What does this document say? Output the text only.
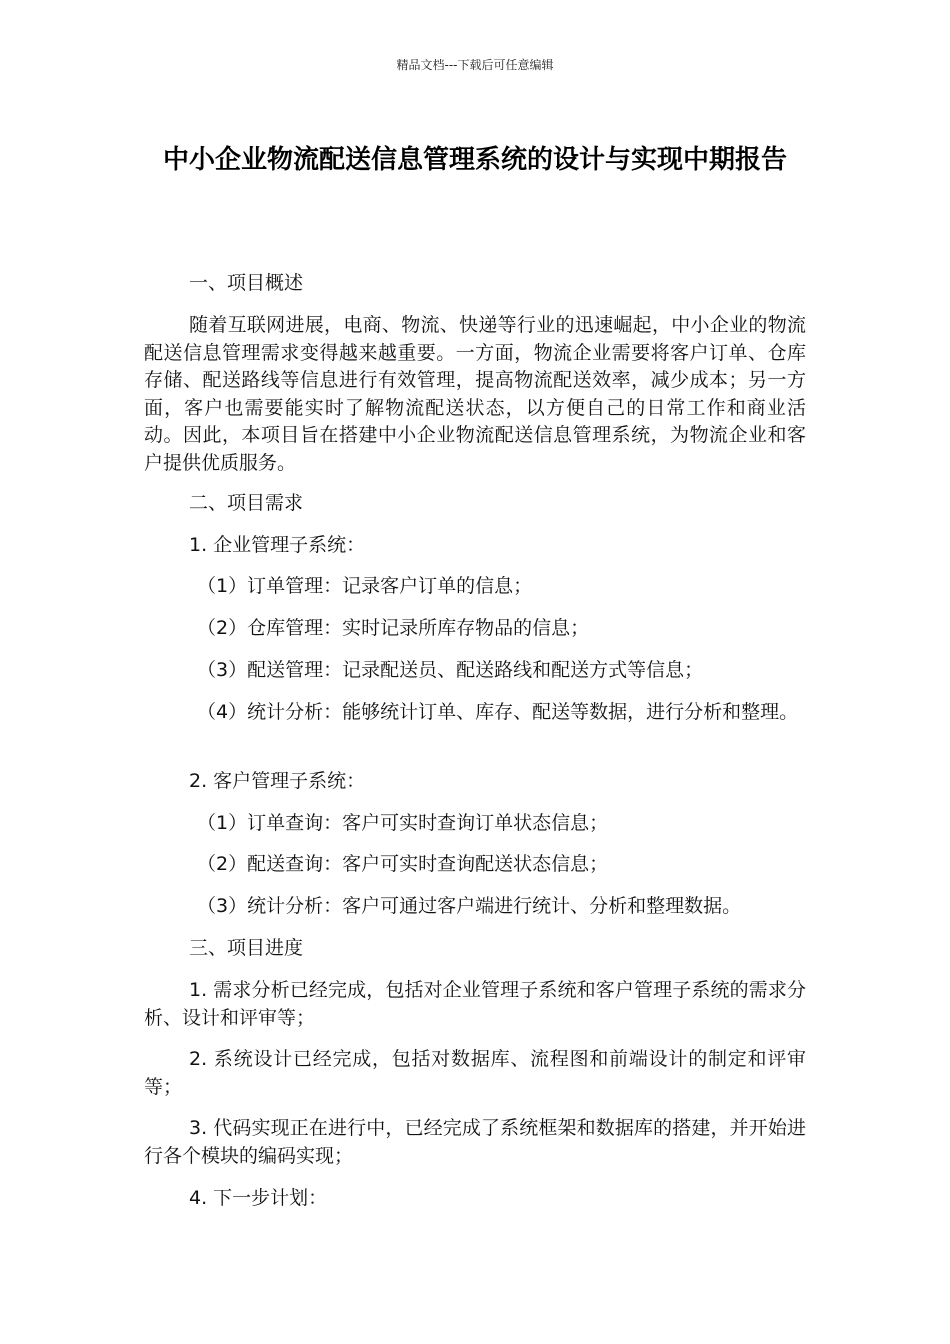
精品文档---下载后可任意编辑
中小企业物流配送信息管理系统的设计与实现中期报告

一、项目概述

随着互联网进展，电商、物流、快递等行业的迅速崛起，中小企业的物流配送信息管理需求变得越来越重要。一方面，物流企业需要将客户订单、仓库存储、配送路线等信息进行有效管理，提高物流配送效率，减少成本；另一方面，客户也需要能实时了解物流配送状态，以方便自己的日常工作和商业活动。因此，本项目旨在搭建中小企业物流配送信息管理系统，为物流企业和客户提供优质服务。

二、项目需求

1. 企业管理子系统：

（1）订单管理：记录客户订单的信息；

（2）仓库管理：实时记录所库存物品的信息；

（3）配送管理：记录配送员、配送路线和配送方式等信息；

（4）统计分析：能够统计订单、库存、配送等数据，进行分析和整理。

2. 客户管理子系统：

（1）订单查询：客户可实时查询订单状态信息；

（2）配送查询：客户可实时查询配送状态信息；

（3）统计分析：客户可通过客户端进行统计、分析和整理数据。

三、项目进度

1. 需求分析已经完成，包括对企业管理子系统和客户管理子系统的需求分析、设计和评审等；

2. 系统设计已经完成，包括对数据库、流程图和前端设计的制定和评审等；

3. 代码实现正在进行中，已经完成了系统框架和数据库的搭建，并开始进行各个模块的编码实现；

4. 下一步计划：
